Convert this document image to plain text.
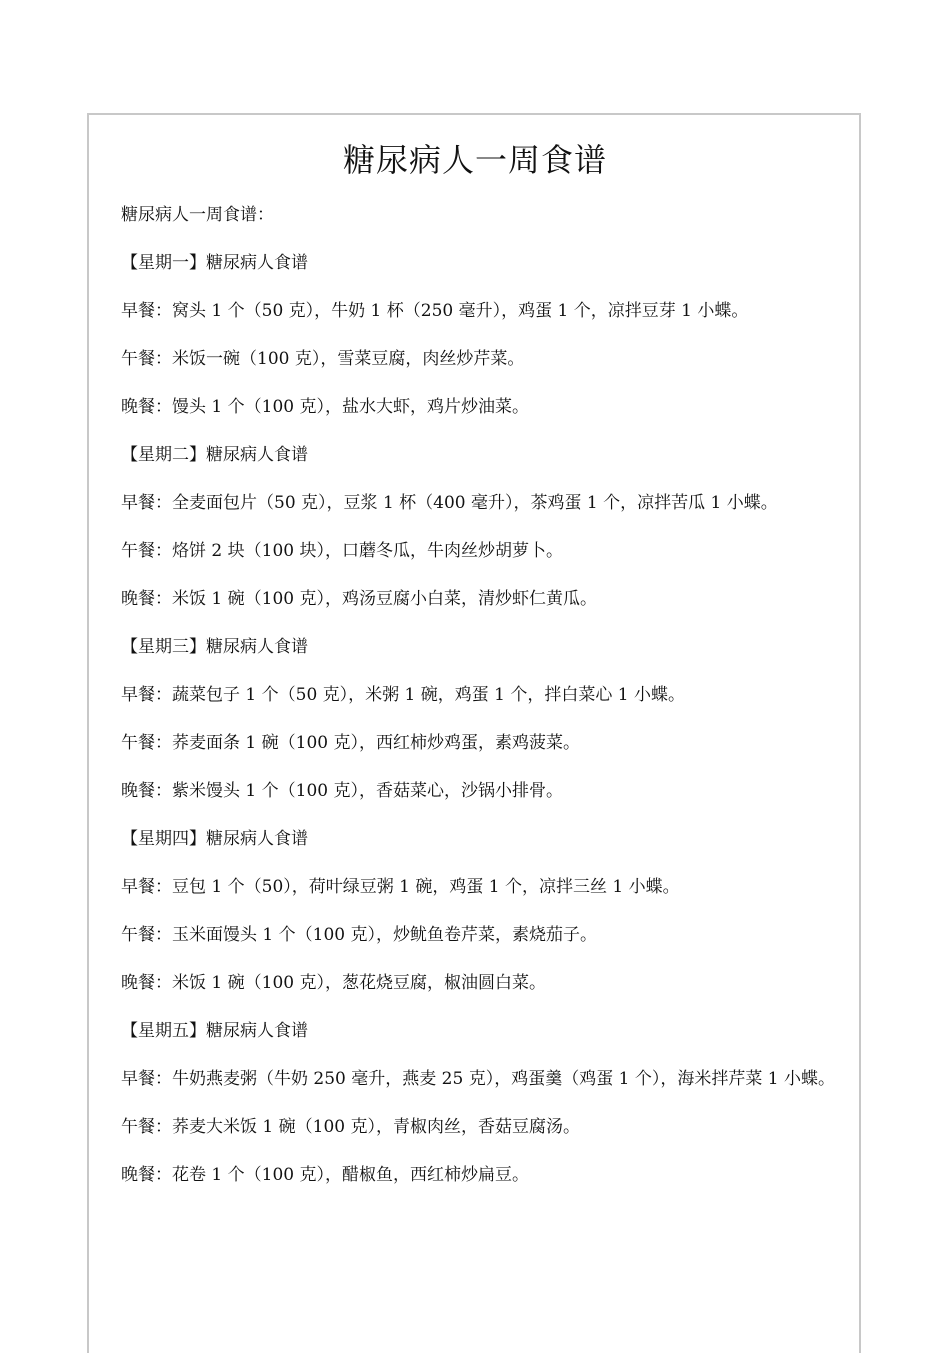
糖尿病人一周食谱

糖尿病人一周食谱：

【星期一】糖尿病人食谱

早餐：窝头 1 个（50 克），牛奶 1 杯（250 毫升），鸡蛋 1 个，凉拌豆芽 1 小蝶。

午餐：米饭一碗（100 克），雪菜豆腐，肉丝炒芹菜。

晚餐：馒头 1 个（100 克），盐水大虾，鸡片炒油菜。

【星期二】糖尿病人食谱

早餐：全麦面包片（50 克），豆浆 1 杯（400 毫升），茶鸡蛋 1 个，凉拌苦瓜 1 小蝶。

午餐：烙饼 2 块（100 块），口蘑冬瓜，牛肉丝炒胡萝卜。

晚餐：米饭 1 碗（100 克），鸡汤豆腐小白菜，清炒虾仁黄瓜。

【星期三】糖尿病人食谱

早餐：蔬菜包子 1 个（50 克），米粥 1 碗，鸡蛋 1 个，拌白菜心 1 小蝶。

午餐：荞麦面条 1 碗（100 克），西红柿炒鸡蛋，素鸡菠菜。

晚餐：紫米馒头 1 个（100 克），香菇菜心，沙锅小排骨。

【星期四】糖尿病人食谱

早餐：豆包 1 个（50），荷叶绿豆粥 1 碗，鸡蛋 1 个，凉拌三丝 1 小蝶。

午餐：玉米面馒头 1 个（100 克），炒鱿鱼卷芹菜，素烧茄子。

晚餐：米饭 1 碗（100 克），葱花烧豆腐，椒油圆白菜。

【星期五】糖尿病人食谱

早餐：牛奶燕麦粥（牛奶 250 毫升，燕麦 25 克），鸡蛋羹（鸡蛋 1 个），海米拌芹菜 1 小蝶。

午餐：荞麦大米饭 1 碗（100 克），青椒肉丝，香菇豆腐汤。

晚餐：花卷 1 个（100 克），醋椒鱼，西红柿炒扁豆。
